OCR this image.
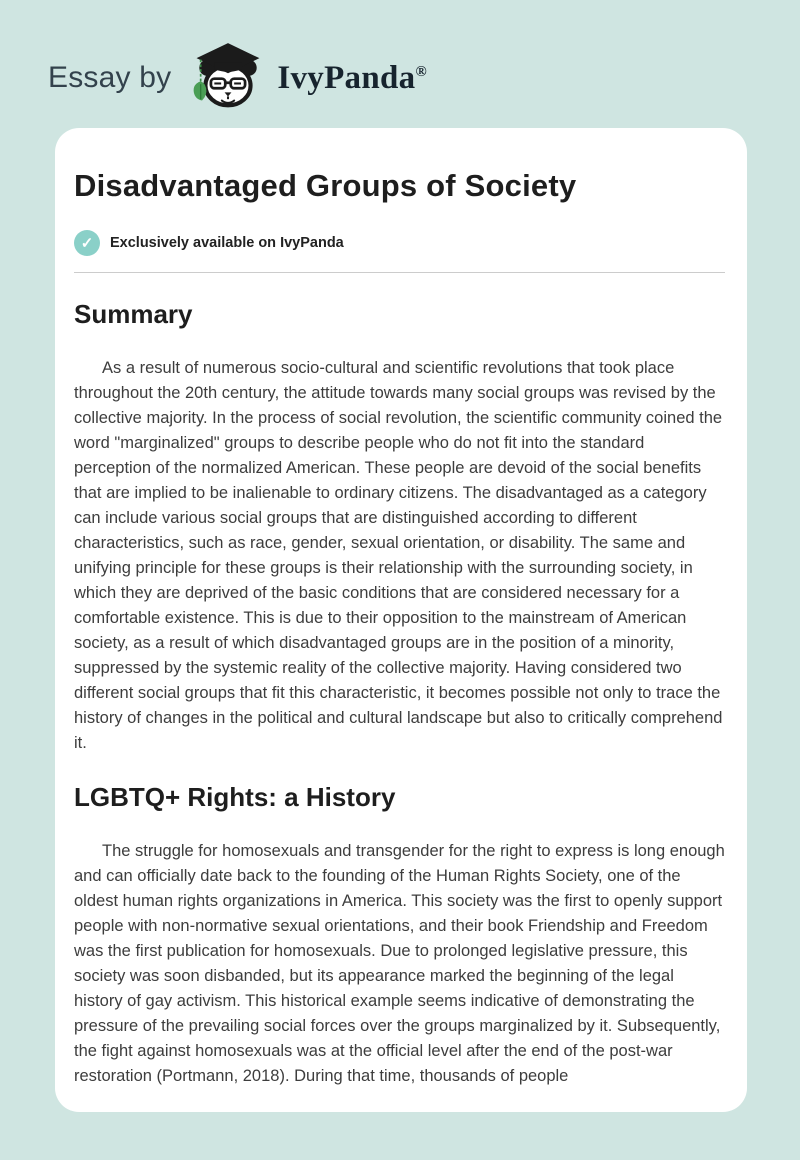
Essay by	IvyPanda®
Disadvantaged Groups of Society
✓	Exclusively available on IvyPanda
Summary

As a result of numerous socio-cultural and scientific revolutions that took place throughout the 20th century, the attitude towards many social groups was revised by the collective majority. In the process of social revolution, the scientific community coined the word "marginalized" groups to describe people who do not fit into the standard perception of the normalized American. These people are devoid of the social benefits that are implied to be inalienable to ordinary citizens. The disadvantaged as a category can include various social groups that are distinguished according to different characteristics, such as race, gender, sexual orientation, or disability. The same and unifying principle for these groups is their relationship with the surrounding society, in which they are deprived of the basic conditions that are considered necessary for a comfortable existence. This is due to their opposition to the mainstream of American society, as a result of which disadvantaged groups are in the position of a minority, suppressed by the systemic reality of the collective majority. Having considered two different social groups that fit this characteristic, it becomes possible not only to trace the history of changes in the political and cultural landscape but also to critically comprehend it.

LGBTQ+ Rights: a History

The struggle for homosexuals and transgender for the right to express is long enough and can officially date back to the founding of the Human Rights Society, one of the oldest human rights organizations in America. This society was the first to openly support people with non-normative sexual orientations, and their book Friendship and Freedom was the first publication for homosexuals. Due to prolonged legislative pressure, this society was soon disbanded, but its appearance marked the beginning of the legal history of gay activism. This historical example seems indicative of demonstrating the pressure of the prevailing social forces over the groups marginalized by it. Subsequently, the fight against homosexuals was at the official level after the end of the post-war restoration (Portmann, 2018). During that time, thousands of people
